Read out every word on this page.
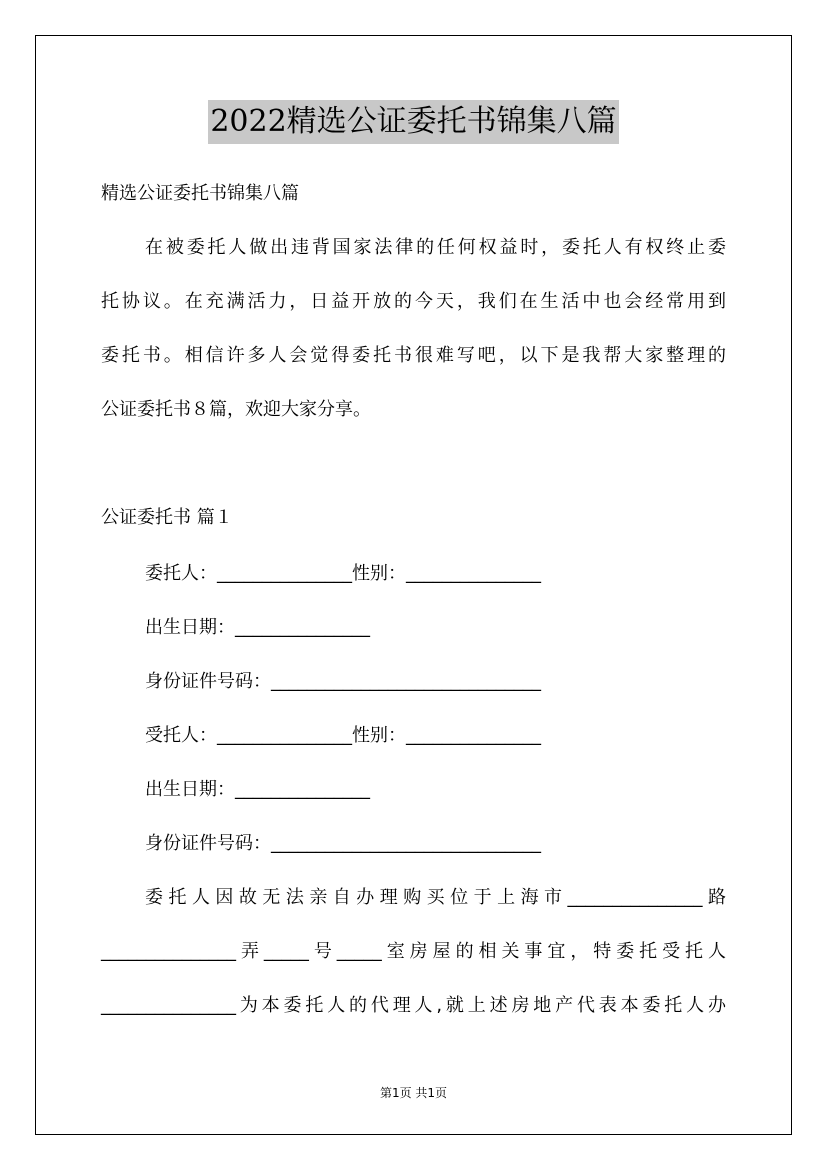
2022精选公证委托书锦集八篇
精选公证委托书锦集八篇
在被委托人做出违背国家法律的任何权益时，委托人有权终止委
托协议。在充满活力，日益开放的今天，我们在生活中也会经常用到
委托书。相信许多人会觉得委托书很难写吧，以下是我帮大家整理的
公证委托书８篇，欢迎大家分享。
公证委托书 篇１
委托人：_______________性别：_______________
出生日期：_______________
身份证件号码：______________________________
受托人：_______________性别：_______________
出生日期：_______________
身份证件号码：______________________________
委托人因故无法亲自办理购买位于上海市_______________路
_______________弄_____号_____室房屋的相关事宜，特委托受托人
_______________为本委托人的代理人,就上述房地产代表本委托人办
第1页 共1页
